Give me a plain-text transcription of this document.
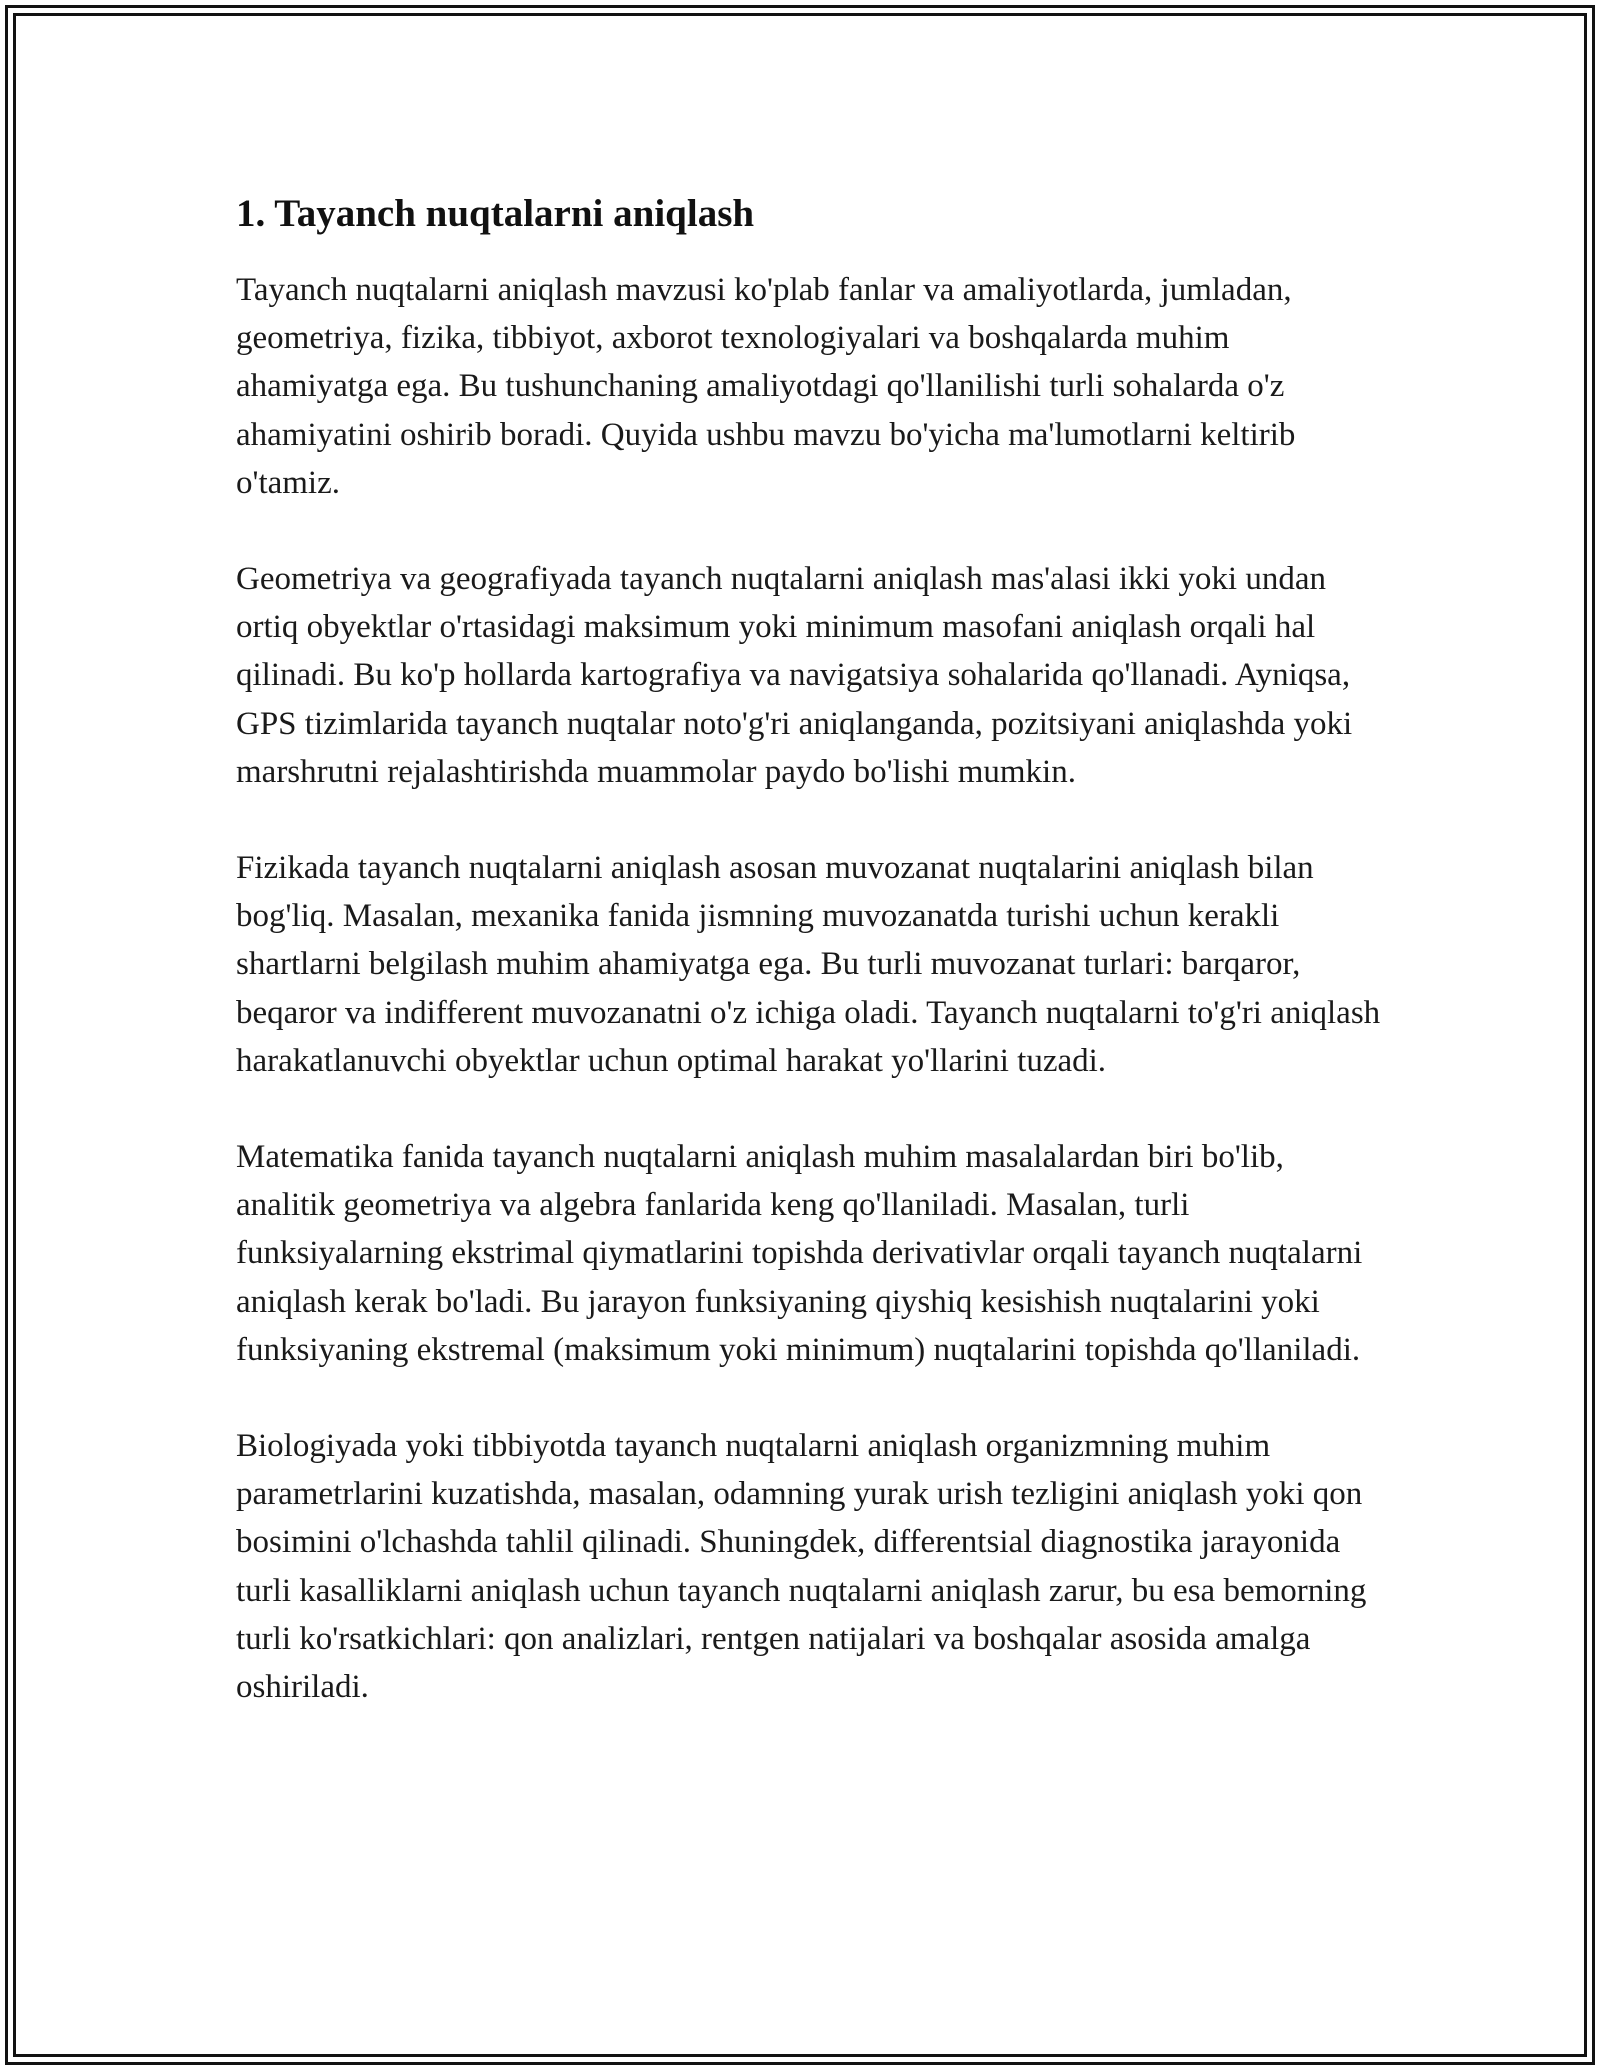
1. Tayanch nuqtalarni aniqlash

Tayanch nuqtalarni aniqlash mavzusi ko'plab fanlar va amaliyotlarda, jumladan, geometriya, fizika, tibbiyot, axborot texnologiyalari va boshqalarda muhim ahamiyatga ega. Bu tushunchaning amaliyotdagi qo'llanilishi turli sohalarda o'z ahamiyatini oshirib boradi. Quyida ushbu mavzu bo'yicha ma'lumotlarni keltirib o'tamiz.

Geometriya va geografiyada tayanch nuqtalarni aniqlash mas'alasi ikki yoki undan ortiq obyektlar o'rtasidagi maksimum yoki minimum masofani aniqlash orqali hal qilinadi. Bu ko'p hollarda kartografiya va navigatsiya sohalarida qo'llanadi. Ayniqsa, GPS tizimlarida tayanch nuqtalar noto'g'ri aniqlanganda, pozitsiyani aniqlashda yoki marshrutni rejalashtirishda muammolar paydo bo'lishi mumkin.

Fizikada tayanch nuqtalarni aniqlash asosan muvozanat nuqtalarini aniqlash bilan bog'liq. Masalan, mexanika fanida jismning muvozanatda turishi uchun kerakli shartlarni belgilash muhim ahamiyatga ega. Bu turli muvozanat turlari: barqaror, beqaror va indifferent muvozanatni o'z ichiga oladi. Tayanch nuqtalarni to'g'ri aniqlash harakatlanuvchi obyektlar uchun optimal harakat yo'llarini tuzadi.

Matematika fanida tayanch nuqtalarni aniqlash muhim masalalardan biri bo'lib, analitik geometriya va algebra fanlarida keng qo'llaniladi. Masalan, turli funksiyalarning ekstrimal qiymatlarini topishda derivativlar orqali tayanch nuqtalarni aniqlash kerak bo'ladi. Bu jarayon funksiyaning qiyshiq kesishish nuqtalarini yoki funksiyaning ekstremal (maksimum yoki minimum) nuqtalarini topishda qo'llaniladi.

Biologiyada yoki tibbiyotda tayanch nuqtalarni aniqlash organizmning muhim parametrlarini kuzatishda, masalan, odamning yurak urish tezligini aniqlash yoki qon bosimini o'lchashda tahlil qilinadi. Shuningdek, differentsial diagnostika jarayonida turli kasalliklarni aniqlash uchun tayanch nuqtalarni aniqlash zarur, bu esa bemorning turli ko'rsatkichlari: qon analizlari, rentgen natijalari va boshqalar asosida amalga oshiriladi.
